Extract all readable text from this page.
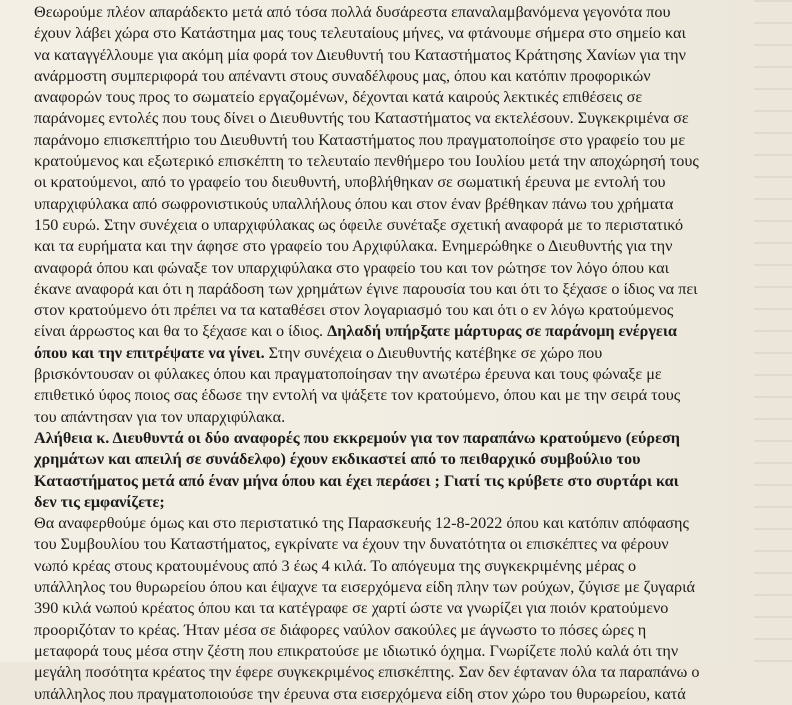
Θεωρούμε πλέον απαράδεκτο μετά από τόσα πολλά δυσάρεστα επαναλαμβανόμενα γεγονότα που
έχουν λάβει χώρα στο Κατάστημα μας τους τελευταίους μήνες, να φτάνουμε σήμερα στο σημείο και
να καταγγέλλουμε για ακόμη μία φορά τον Διευθυντή του Καταστήματος Κράτησης Χανίων για την
ανάρμοστη συμπεριφορά του απέναντι στους συναδέλφους μας, όπου και κατόπιν προφορικών
αναφορών τους προς το σωματείο εργαζομένων, δέχονται κατά καιρούς λεκτικές επιθέσεις σε
παράνομες εντολές που τους δίνει ο Διευθυντής του Καταστήματος να εκτελέσουν. Συγκεκριμένα σε
παράνομο επισκεπτήριο του Διευθυντή του Καταστήματος που πραγματοποίησε στο γραφείο του με
κρατούμενος και εξωτερικό επισκέπτη το τελευταίο πενθήμερο του Ιουλίου μετά την αποχώρησή τους
οι κρατούμενοι, από το γραφείο του διευθυντή, υποβλήθηκαν σε σωματική έρευνα με εντολή του
υπαρχιφύλακα από σωφρονιστικούς υπαλλήλους όπου και στον έναν βρέθηκαν πάνω του χρήματα
150 ευρώ. Στην συνέχεια ο υπαρχιφύλακας ως όφειλε συνέταξε σχετική αναφορά με το περιστατικό
και τα ευρήματα και την άφησε στο γραφείο του Αρχιφύλακα. Ενημερώθηκε ο Διευθυντής για την
αναφορά όπου και φώναξε τον υπαρχιφύλακα στο γραφείο του και τον ρώτησε τον λόγο όπου και
έκανε αναφορά και ότι η παράδοση των χρημάτων έγινε παρουσία του και ότι το ξέχασε ο ίδιος να πει
στον κρατούμενο ότι πρέπει να τα καταθέσει στον λογαριασμό του και ότι ο εν λόγω κρατούμενος
είναι άρρωστος και θα το ξέχασε και ο ίδιος. Δηλαδή υπήρξατε μάρτυρας σε παράνομη ενέργεια
όπου και την επιτρέψατε να γίνει. Στην συνέχεια ο Διευθυντής κατέβηκε σε χώρο που
βρισκόντουσαν οι φύλακες όπου και πραγματοποίησαν την ανωτέρω έρευνα και τους φώναξε με
επιθετικό ύφος ποιος σας έδωσε την εντολή να ψάξετε τον κρατούμενο, όπου και με την σειρά τους
του απάντησαν για τον υπαρχιφύλακα.
Αλήθεια κ. Διευθυντά οι δύο αναφορές που εκκρεμούν για τον παραπάνω κρατούμενο (εύρεση
χρημάτων και απειλή σε συνάδελφο) έχουν εκδικαστεί από το πειθαρχικό συμβούλιο του
Καταστήματος μετά από έναν μήνα όπου και έχει περάσει ; Γιατί τις κρύβετε στο συρτάρι και
δεν τις εμφανίζετε;
Θα αναφερθούμε όμως και στο περιστατικό της Παρασκευής 12-8-2022 όπου και κατόπιν απόφασης
του Συμβουλίου του Καταστήματος, εγκρίνατε να έχουν την δυνατότητα οι επισκέπτες να φέρουν
νωπό κρέας στους κρατουμένους από 3 έως 4 κιλά. Το απόγευμα της συγκεκριμένης μέρας ο
υπάλληλος του θυρωρείου όπου και έψαχνε τα εισερχόμενα είδη πλην των ρούχων, ζύγισε με ζυγαριά
390 κιλά νωπού κρέατος όπου και τα κατέγραφε σε χαρτί ώστε να γνωρίζει για ποιόν κρατούμενο
προοριζόταν το κρέας. Ήταν μέσα σε διάφορες ναύλον σακούλες με άγνωστο το πόσες ώρες η
μεταφορά τους μέσα στην ζέστη που επικρατούσε με ιδιωτικό όχημα. Γνωρίζετε πολύ καλά ότι την
μεγάλη ποσότητα κρέατος την έφερε συγκεκριμένος επισκέπτης. Σαν δεν έφταναν όλα τα παραπάνω ο
υπάλληλος που πραγματοποιούσε την έρευνα στα εισερχόμενα είδη στον χώρο του θυρωρείου, κατά
